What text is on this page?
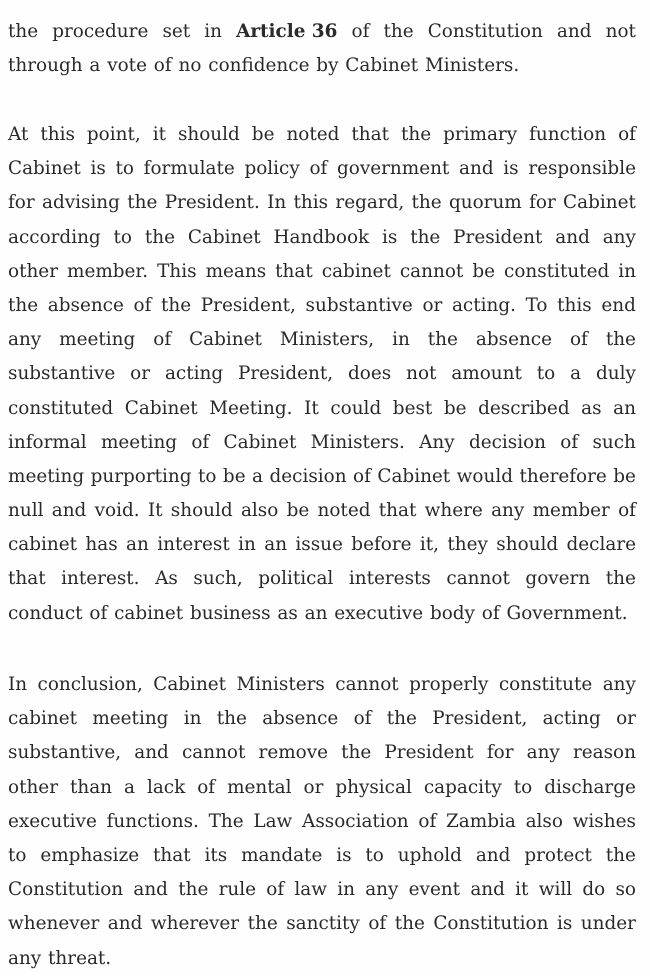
the procedure set in Article 36 of the Constitution and not
through a vote of no confidence by Cabinet Ministers.
At this point, it should be noted that the primary function of
Cabinet is to formulate policy of government and is responsible
for advising the President. In this regard, the quorum for Cabinet
according to the Cabinet Handbook is the President and any
other member. This means that cabinet cannot be constituted in
the absence of the President, substantive or acting. To this end
any meeting of Cabinet Ministers, in the absence of the
substantive or acting President, does not amount to a duly
constituted Cabinet Meeting. It could best be described as an
informal meeting of Cabinet Ministers. Any decision of such
meeting purporting to be a decision of Cabinet would therefore be
null and void. It should also be noted that where any member of
cabinet has an interest in an issue before it, they should declare
that interest. As such, political interests cannot govern the
conduct of cabinet business as an executive body of Government.
In conclusion, Cabinet Ministers cannot properly constitute any
cabinet meeting in the absence of the President, acting or
substantive, and cannot remove the President for any reason
other than a lack of mental or physical capacity to discharge
executive functions. The Law Association of Zambia also wishes
to emphasize that its mandate is to uphold and protect the
Constitution and the rule of law in any event and it will do so
whenever and wherever the sanctity of the Constitution is under
any threat.
